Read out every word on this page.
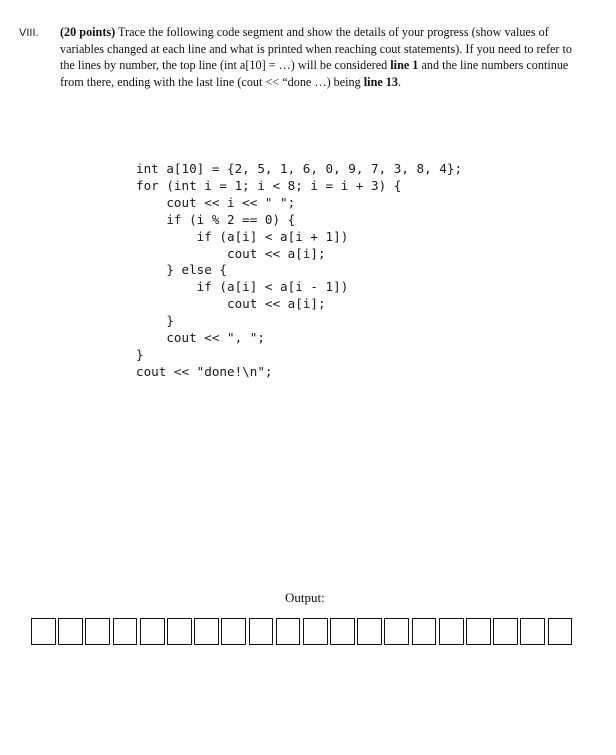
VIII. (20 points) Trace the following code segment and show the details of your progress (show values of variables changed at each line and what is printed when reaching cout statements). If you need to refer to the lines by number, the top line (int a[10] = …) will be considered line 1 and the line numbers continue from there, ending with the last line (cout << “done …) being line 13.
int a[10] = {2, 5, 1, 6, 0, 9, 7, 3, 8, 4};
for (int i = 1; i < 8; i = i + 3) {
cout << i << " ";
if (i % 2 == 0) {
if (a[i] < a[i + 1])
cout << a[i];
} else {
if (a[i] < a[i - 1])
cout << a[i];
}
cout << ", ";
}
cout << "done!\n";
Output:
